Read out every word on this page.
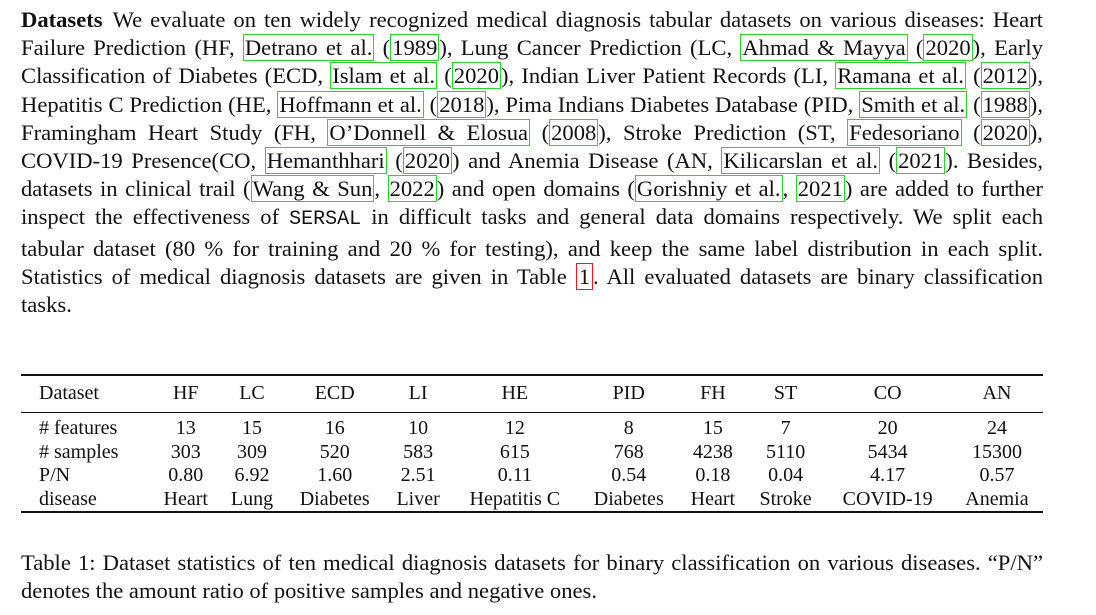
Datasets We evaluate on ten widely recognized medical diagnosis tabular datasets on various diseases: Heart Failure Prediction (HF, Detrano et al. (1989), Lung Cancer Prediction (LC, Ahmad & Mayya (2020), Early Classification of Diabetes (ECD, Islam et al. (2020), Indian Liver Patient Records (LI, Ramana et al. (2012), Hepatitis C Prediction (HE, Hoffmann et al. (2018), Pima Indians Diabetes Database (PID, Smith et al. (1988), Framingham Heart Study (FH, O’Donnell & Elosua (2008), Stroke Prediction (ST, Fedesoriano (2020), COVID-19 Presence(CO, Hemanthhari (2020) and Anemia Disease (AN, Kilicarslan et al. (2021). Besides, datasets in clinical trail (Wang & Sun, 2022) and open domains (Gorishniy et al., 2021) are added to further inspect the effectiveness of SERSAL in difficult tasks and general data domains respectively. We split each tabular dataset (80 % for training and 20 % for testing), and keep the same label distribution in each split. Statistics of medical diagnosis datasets are given in Table 1 . All evaluated datasets are binary classification tasks.
Dataset	HF	LC	ECD	LI	HE	PID	FH	ST	CO	AN
# features	13	15	16	10	12	8	15	7	20	24
# samples	303	309	520	583	615	768	4238	5110	5434	15300
P/N	0.80	6.92	1.60	2.51	0.11	0.54	0.18	0.04	4.17	0.57
disease	Heart	Lung	Diabetes	Liver	Hepatitis C	Diabetes	Heart	Stroke	COVID-19	Anemia
Table 1: Dataset statistics of ten medical diagnosis datasets for binary classification on various diseases. “P/N” denotes the amount ratio of positive samples and negative ones.
